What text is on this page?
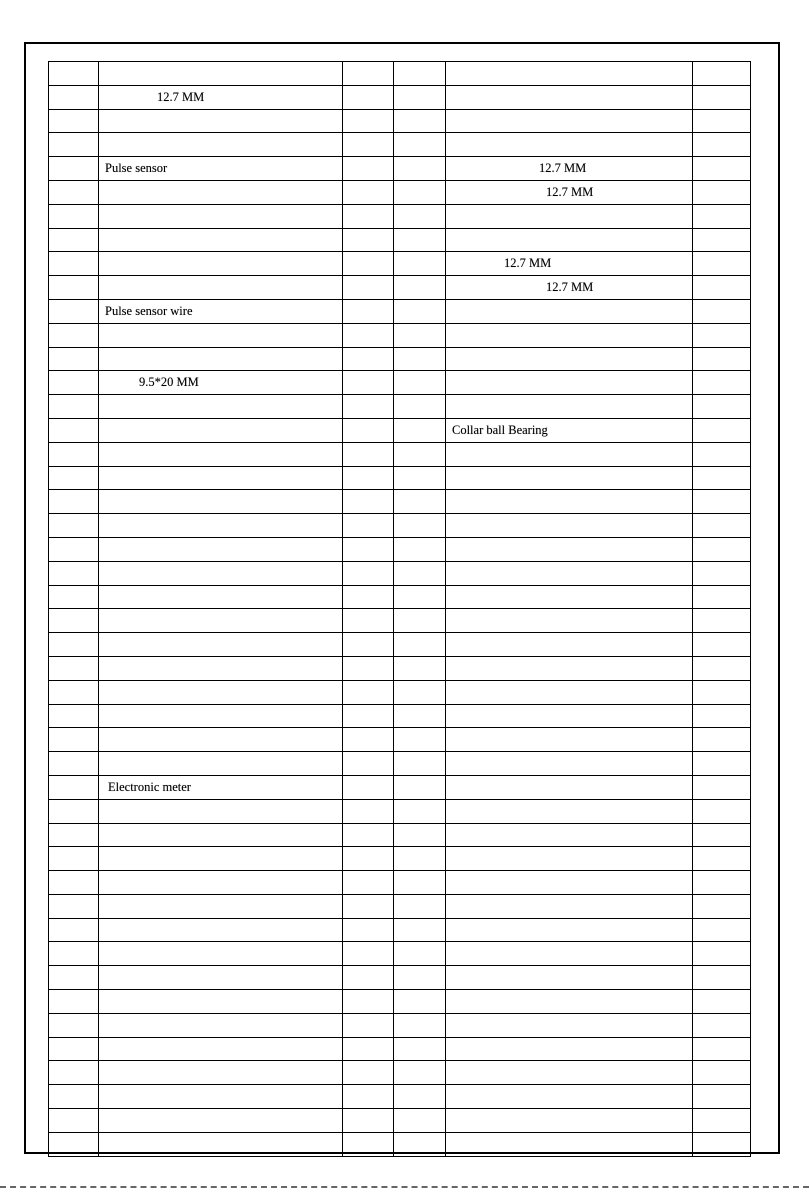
	12.7 MM				

	Pulse sensor			12.7 MM	
				12.7 MM	

				12.7 MM	
				12.7 MM	
	Pulse sensor wire				

	9.5*20 MM				

				Collar ball Bearing	

	Electronic meter				
